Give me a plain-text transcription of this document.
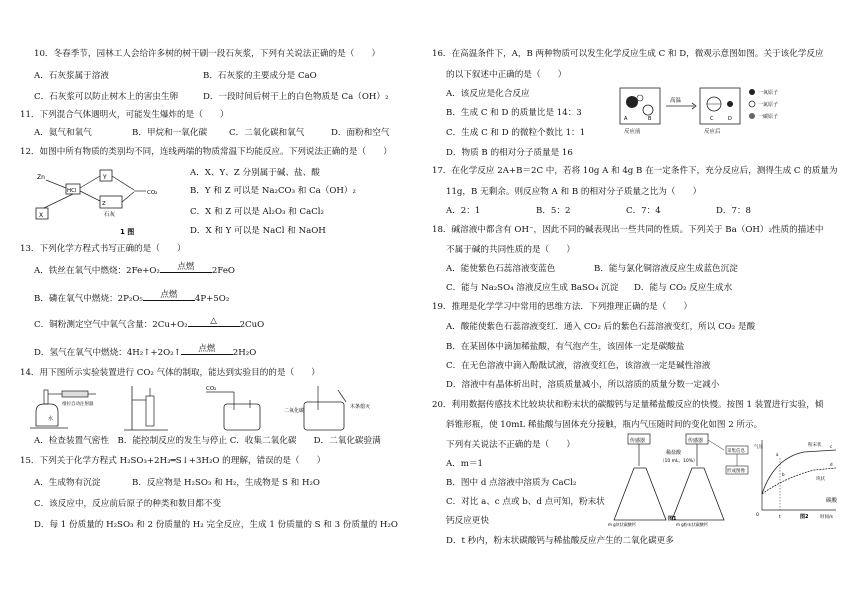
10．冬春季节，园林工人会给许多树的树干刷一段石灰浆，下列有关说法正确的是（　　）
A．石灰浆属于溶液	B．石灰浆的主要成分是 CaO
C．石灰浆可以防止树木上的害虫生卵	D．一段时间后树干上的白色物质是 Ca（OH）₂
11．下列混合气体遇明火，可能发生爆炸的是（　　）
A．氦气和氧气	B．甲烷和一氧化碳	C．二氧化碳和氧气	D．面粉和空气
12．如图中所有物质的类别均不同，连线两端的物质常温下均能反应。下列说法正确的是（　　）
Zn
HCl
Y
X
Z
CO₂
石灰
1 图
A．X、Y、Z 分别属于碱、盐、酸
B．Y 和 Z 可以是 Na₂CO₃ 和 Ca（OH）₂
C．X 和 Z 可以是 Al₂O₃ 和 CaCl₂
D．X 和 Y 可以是 NaCl 和 NaOH
13．下列化学方程式书写正确的是（　　）
A．铁丝在氧气中燃烧：2Fe+O₂	点燃	2FeO
B．磷在氧气中燃烧：2P₂O₅	点燃	4P+5O₂
C．铜粉测定空气中氧气含量：2Cu+O₂	△	2CuO
D．氢气在氧气中燃烧：4H₂↑+2O₂↑	点燃	2H₂O
14．用下图所示实验装置进行 CO₂ 气体的制取，能达到实验目的的是（　　）
推拉自动注射器
水
CO₂
二氧化碳
木条熄灭
A．检查装置气密性　B．能控制反应的发生与停止 C．收集二氧化碳　　D．二氧化碳验满
15．下列关于化学方程式 H₂SO₃+2H₂═S↓+3H₂O 的理解，错误的是（　　）
A．生成物有沉淀	B．反应物是 H₂SO₃ 和 H₂，生成物是 S 和 H₂O
C．该反应中，反应前后原子的种类和数目都不变
D．每 1 份质量的 H₂SO₃ 和 2 份质量的 H₂ 完全反应，生成 1 份质量的 S 和 3 份质量的 H₂O
16．在高温条件下，A，B 两种物质可以发生化学反应生成 C 和 D，微观示意图如图。关于该化学反应
的以下叙述中正确的是（　　）
A．该反应是化合反应
B．生成 C 和 D 的质量比是 14：3
C．生成 C 和 D 的微粒个数比 1：1
D．物质 B 的相对分子质量是 16
A	B
反应前
高温
C	D
反应后
一氧原子
一氮原子
一碳原子
17．在化学反应 2A+B＝2C 中，若将 10g A 和 4g B 在一定条件下，充分反应后，测得生成 C 的质量为
11g，B 无剩余。则反应物 A 和 B 的相对分子质量之比为（　　）
A．2：1	B．5：2	C．7：4	D．7：8
18．碱溶液中都含有 OH⁻，因此不同的碱表现出一些共同的性质。下列关于 Ba（OH）₂性质的描述中
不属于碱的共同性质的是（　　）
A．能使紫色石蕊溶液变蓝色	B．能与氯化铜溶液反应生成蓝色沉淀
C．能与 Na₂SO₄ 溶液反应生成 BaSO₄ 沉淀 D．能与 CO₂ 反应生成水
19．推理是化学学习中常用的思维方法．下列推理正确的是（　　）
A．酸能使紫色石蕊溶液变红．通入 CO₂ 后的紫色石蕊溶液变红，所以 CO₂ 是酸
B．在某固体中滴加稀盐酸，有气泡产生，该固体一定是碳酸盐
C．在无色溶液中滴入酚酞试液，溶液变红色，该溶液一定是碱性溶液
D．溶液中有晶体析出时，溶质质量减小，所以溶质的质量分数一定减小
20．利用数据传感技术比较块状和粉末状的碳酸钙与足量稀盐酸反应的快慢。按图 1 装置进行实验，倾
斜锥形瓶，使 10mL 稀盐酸与固体充分接触，瓶内气压随时间的变化如图 2 所示。
下列有关说法不正确的是（　　）
A．m＝1
B．图中 d 点溶液中溶质为 CaCl₂
C．对比 a、c 点或 b、d 点可知，粉末状
钙反应更快
D．t 秒内，粉末状碳酸钙与稀盐酸反应产生的二氧化碳更多
传感器	传感器
稀盐酸
（10 mL，10%）
采集信息
形成图像
m g块状碳酸钙	m g粉末状碳酸钙
图1
气压
时间/s
0	t
粉末状
块状
a
b
c
d
图2
碳酸
